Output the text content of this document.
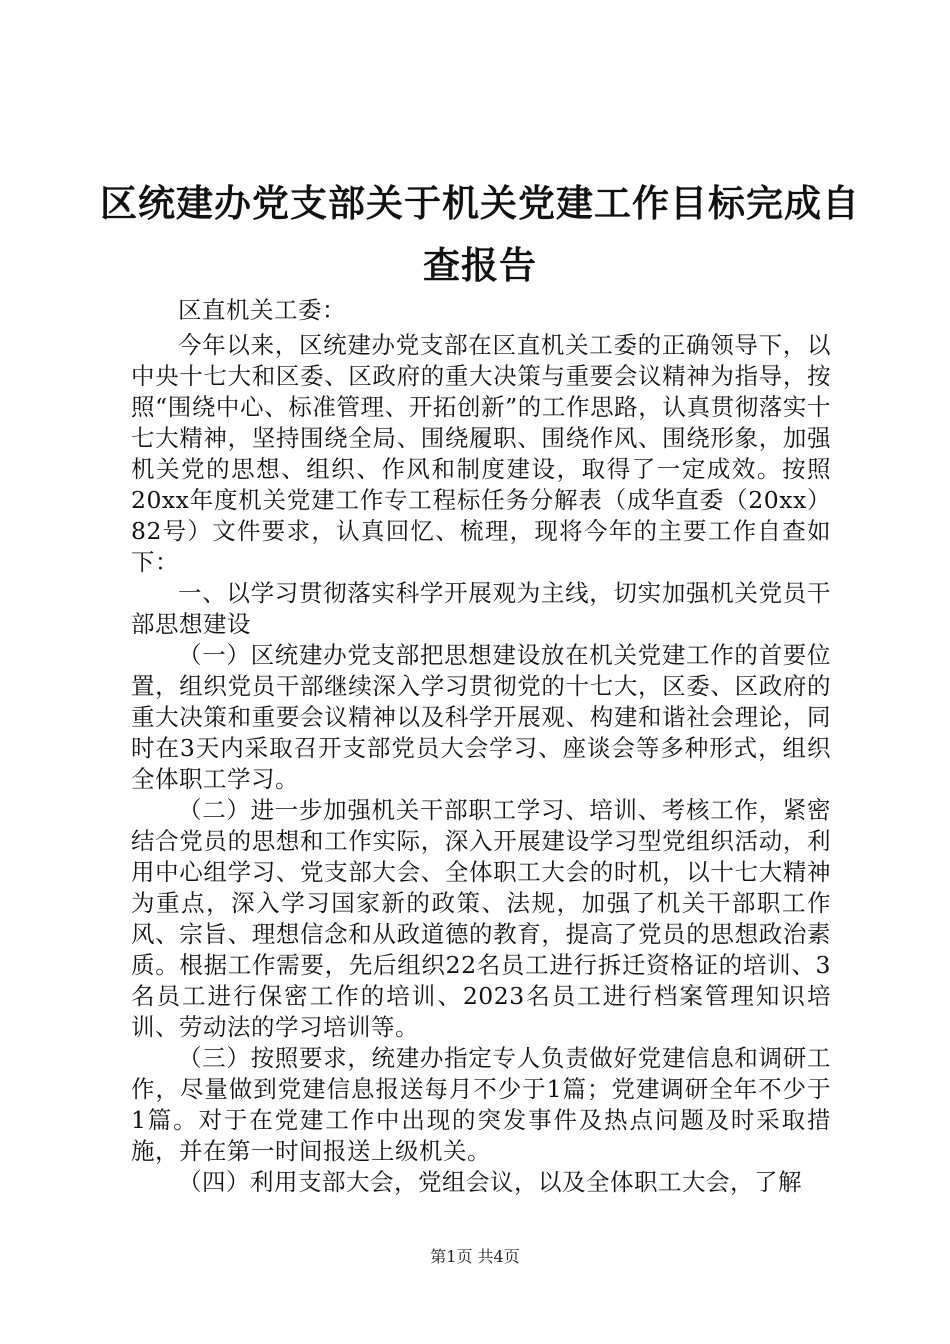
区统建办党支部关于机关党建工作目标完成自查报告

区直机关工委：

今年以来，区统建办党支部在区直机关工委的正确领导下，以中央十七大和区委、区政府的重大决策与重要会议精神为指导，按照“围绕中心、标准管理、开拓创新”的工作思路，认真贯彻落实十七大精神，坚持围绕全局、围绕履职、围绕作风、围绕形象，加强机关党的思想、组织、作风和制度建设，取得了一定成效。按照20xx年度机关党建工作专工程标任务分解表（成华直委（20xx）82号）文件要求，认真回忆、梳理，现将今年的主要工作自查如下：

一、以学习贯彻落实科学开展观为主线，切实加强机关党员干部思想建设

（一）区统建办党支部把思想建设放在机关党建工作的首要位置，组织党员干部继续深入学习贯彻党的十七大，区委、区政府的重大决策和重要会议精神以及科学开展观、构建和谐社会理论，同时在3天内采取召开支部党员大会学习、座谈会等多种形式，组织全体职工学习。

（二）进一步加强机关干部职工学习、培训、考核工作，紧密结合党员的思想和工作实际，深入开展建设学习型党组织活动，利用中心组学习、党支部大会、全体职工大会的时机，以十七大精神为重点，深入学习国家新的政策、法规，加强了机关干部职工作风、宗旨、理想信念和从政道德的教育，提高了党员的思想政治素质。根据工作需要，先后组织22名员工进行拆迁资格证的培训、3名员工进行保密工作的培训、2023名员工进行档案管理知识培训、劳动法的学习培训等。

（三）按照要求，统建办指定专人负责做好党建信息和调研工作，尽量做到党建信息报送每月不少于1篇；党建调研全年不少于1篇。对于在党建工作中出现的突发事件及热点问题及时采取措施，并在第一时间报送上级机关。

（四）利用支部大会，党组会议，以及全体职工大会，了解

第1页 共4页
